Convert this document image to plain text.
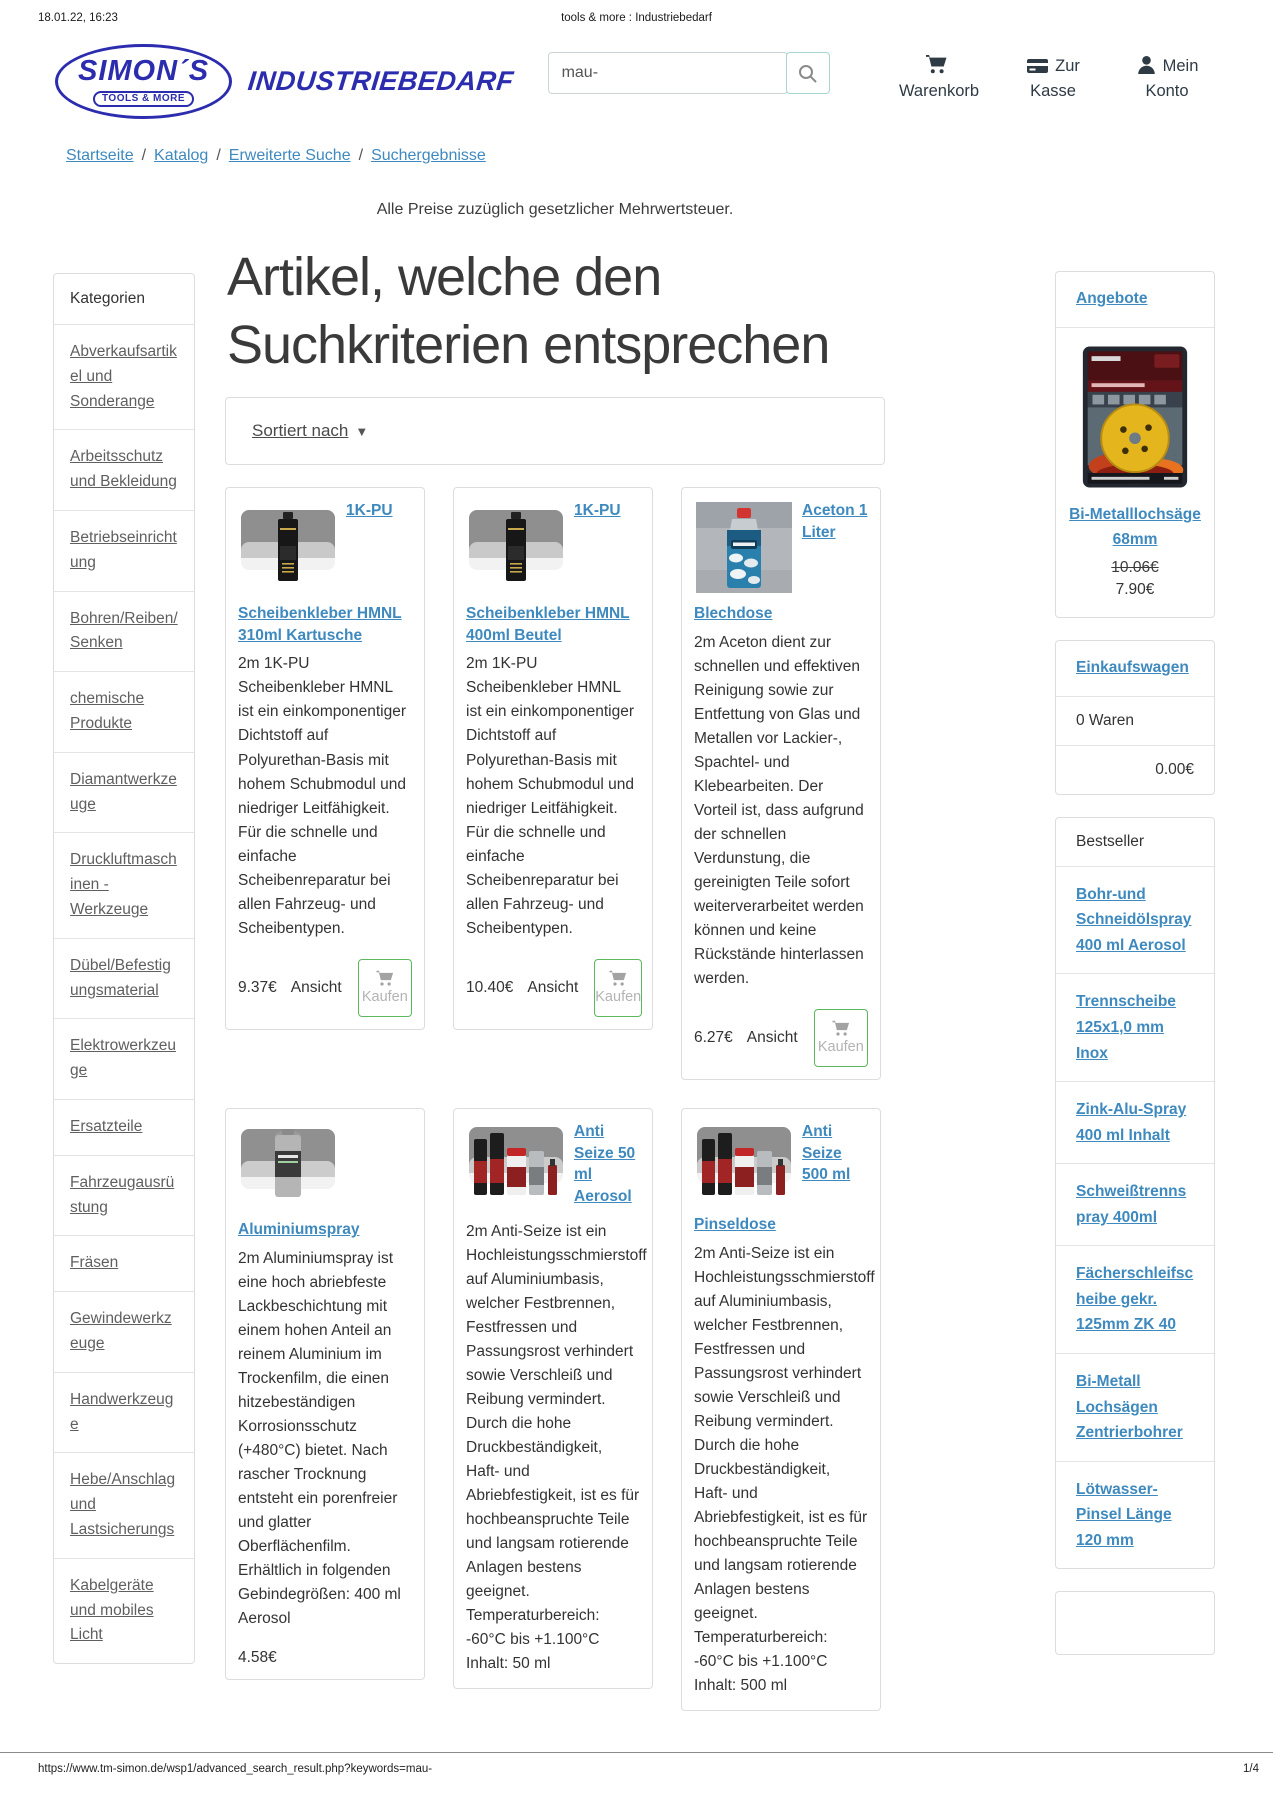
18.01.22, 16:23	tools & more : Industriebedarf
SIMON´S
TOOLS & MORE
INDUSTRIEBEDARF
mau-	Warenkorb
Zur Kasse
Mein Konto
Startseite / Katalog / Erweiterte Suche / Suchergebnisse
Alle Preise zuzüglich gesetzlicher Mehrwertsteuer.
Kategorien
Abverkaufsartikel und Sonderange
Arbeitsschutz und Bekleidung
Betriebseinrichtung
Bohren/Reiben/Senken
chemische Produkte
Diamantwerkzeuge
Druckluftmaschinen - Werkzeuge
Dübel/Befestigungsmaterial
Elektrowerkzeuge
Ersatzteile
Fahrzeugausrüstung
Fräsen
Gewindewerkzeuge
Handwerkzeuge
Hebe/Anschlag und Lastsicherungs
Kabelgeräte und mobiles Licht
Artikel, welche den Suchkriterien entsprechen
Sortiert nach ▼
1K-PU Scheibenkleber HMNL 310ml Kartusche

2m 1K-PU Scheibenkleber HMNL ist ein einkomponentiger Dichtstoff auf Polyurethan-Basis mit hohem Schubmodul und niedriger Leitfähigkeit. Für die schnelle und einfache Scheibenreparatur bei allen Fahrzeug- und Scheibentypen.

9.37€ Ansicht
Kaufen
1K-PU Scheibenkleber HMNL 400ml Beutel

2m 1K-PU Scheibenkleber HMNL ist ein einkomponentiger Dichtstoff auf Polyurethan-Basis mit hohem Schubmodul und niedriger Leitfähigkeit. Für die schnelle und einfache Scheibenreparatur bei allen Fahrzeug- und Scheibentypen.

10.40€ Ansicht
Kaufen
Aceton 1 Liter Blechdose

2m Aceton dient zur schnellen und effektiven Reinigung sowie zur Entfettung von Glas und Metallen vor Lackier-, Spachtel- und Klebearbeiten. Der Vorteil ist, dass aufgrund der schnellen Verdunstung, die gereinigten Teile sofort weiterverarbeitet werden können und keine Rückstände hinterlassen werden.

6.27€ Ansicht
Kaufen
Aluminiumspray

2m Aluminiumspray ist eine hoch abriebfeste Lackbeschichtung mit einem hohen Anteil an reinem Aluminium im Trockenfilm, die einen hitzebeständigen Korrosionsschutz (+480°C) bietet. Nach rascher Trocknung entsteht ein porenfreier und glatter Oberflächenfilm. Erhältlich in folgenden Gebindegrößen: 400 ml Aerosol

4.58€
Anti Seize 50 ml Aerosol

2m Anti-Seize ist ein Hochleistungsschmierstoff auf Aluminiumbasis, welcher Festbrennen, Festfressen und Passungsrost verhindert sowie Verschleiß und Reibung vermindert. Durch die hohe Druckbeständigkeit, Haft- und Abriebfestigkeit, ist es für hochbeanspruchte Teile und langsam rotierende Anlagen bestens geeignet. Temperaturbereich: -60°C bis +1.100°C Inhalt: 50 ml

Anti Seize 500 ml Pinseldose

2m Anti-Seize ist ein Hochleistungsschmierstoff auf Aluminiumbasis, welcher Festbrennen, Festfressen und Passungsrost verhindert sowie Verschleiß und Reibung vermindert. Durch die hohe Druckbeständigkeit, Haft- und Abriebfestigkeit, ist es für hochbeanspruchte Teile und langsam rotierende Anlagen bestens geeignet. Temperaturbereich: -60°C bis +1.100°C Inhalt: 500 ml

Angebote
Bi-Metalllochsäge 68mm
10.06€
7.90€
Einkaufswagen
0 Waren
0.00€
Bestseller
Bohr-und Schneidölspray 400 ml Aerosol
Trennscheibe 125x1,0 mm Inox
Zink-Alu-Spray 400 ml Inhalt
Schweißtrennspray 400ml
Fächerschleifscheibe gekr. 125mm ZK 40
Bi-Metall Lochsägen Zentrierbohrer
Lötwasser-Pinsel Länge 120 mm
https://www.tm-simon.de/wsp1/advanced_search_result.php?keywords=mau-	1/4
